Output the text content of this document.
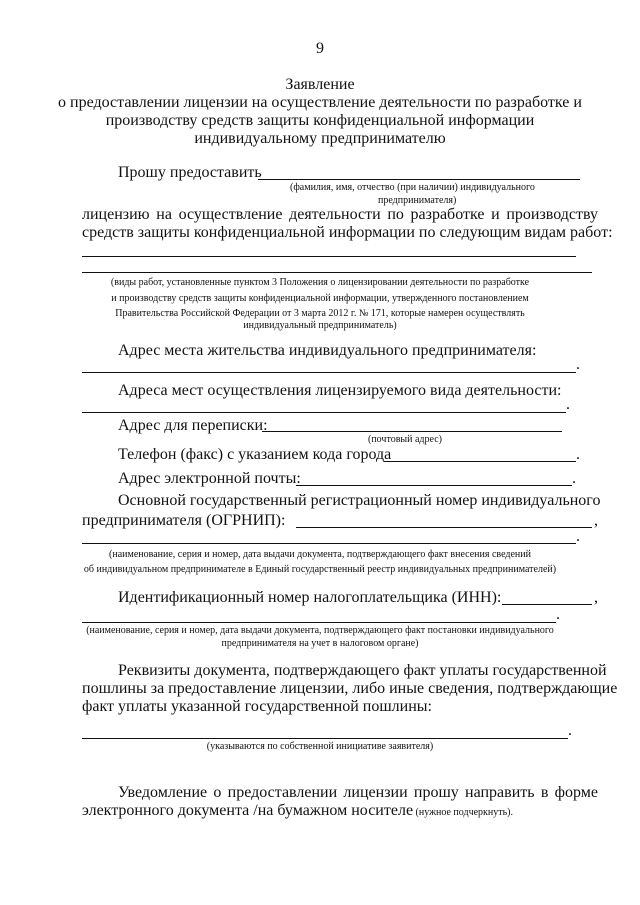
9
Заявление
о предоставлении лицензии на осуществление деятельности по разработке и
производству средств защиты конфиденциальной информации
индивидуальному предпринимателю
Прошу предоставить
(фамилия, имя, отчество (при наличии) индивидуального
предпринимателя)
лицензию на осуществление деятельности по разработке и производству
средств защиты конфиденциальной информации по следующим видам работ:
(виды работ, установленные пунктом 3 Положения о лицензировании деятельности по разработке
и производству средств защиты конфиденциальной информации, утвержденного постановлением
Правительства Российской Федерации от 3 марта 2012 г. № 171, которые намерен осуществлять
индивидуальный предприниматель)
Адрес места жительства индивидуального предпринимателя:
.
Адреса мест осуществления лицензируемого вида деятельности:
.
Адрес для переписки:
(почтовый адрес)
Телефон (факс) с указанием кода города	.
Адрес электронной почты:	.
Основной государственный регистрационный номер индивидуального
предпринимателя (ОГРНИП):	,
.
(наименование, серия и номер, дата выдачи документа, подтверждающего факт внесения сведений
об индивидуальном предпринимателе в Единый государственный реестр индивидуальных предпринимателей)
Идентификационный номер налогоплательщика (ИНН):	,
.
(наименование, серия и номер, дата выдачи документа, подтверждающего факт постановки индивидуального
предпринимателя на учет в налоговом органе)
Реквизиты документа, подтверждающего факт уплаты государственной
пошлины за предоставление лицензии, либо иные сведения, подтверждающие
факт уплаты указанной государственной пошлины:
.
(указываются по собственной инициативе заявителя)
Уведомление о предоставлении лицензии прошу направить в форме
электронного документа /на бумажном носителе (нужное подчеркнуть).
